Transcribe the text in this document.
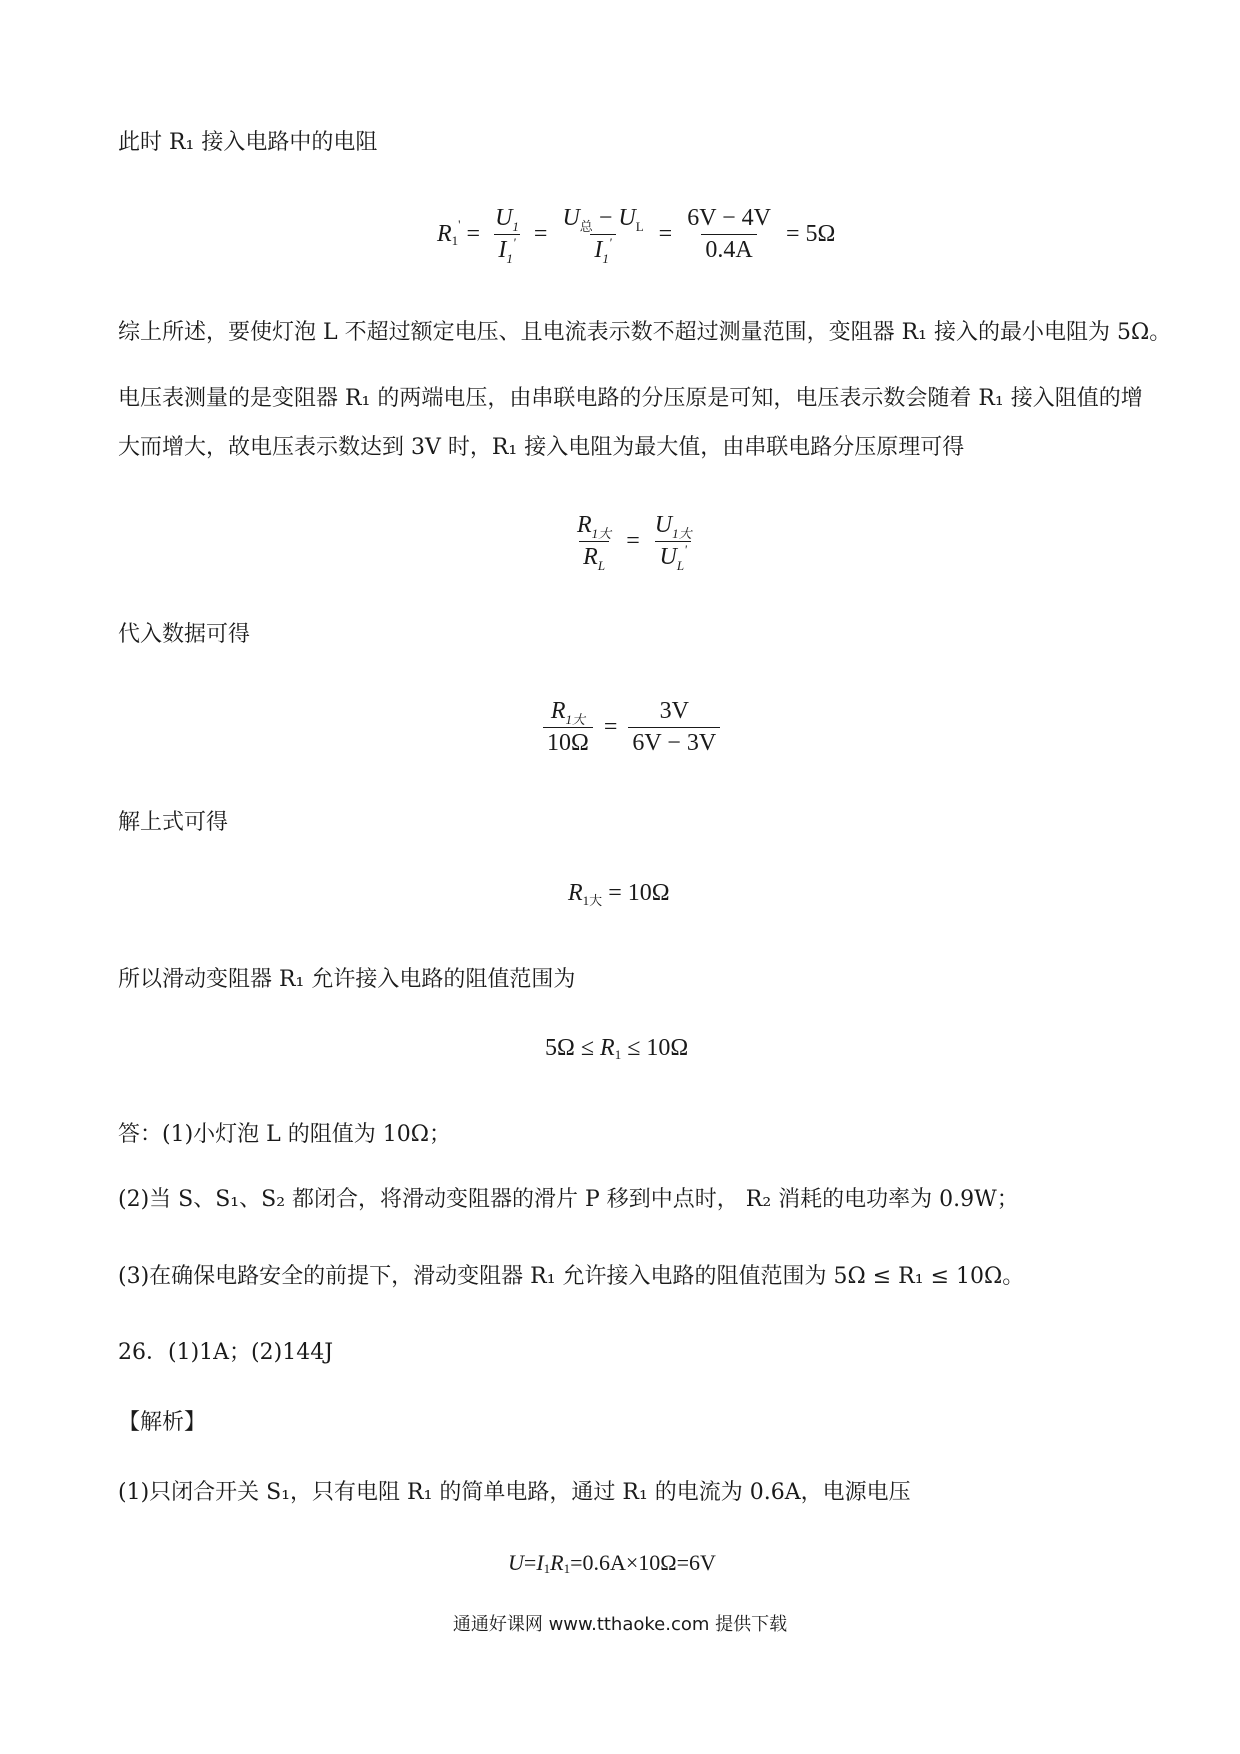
此时 R₁ 接入电路中的电阻
R 1
' = $\frac{U_1}{I_1'} = \frac{U_总 - U_L}{I_1'} = \frac{6V - 4V}{0.4A} = 5\Omega$
综上所述，要使灯泡 L 不超过额定电压、且电流表示数不超过测量范围，变阻器 R₁ 接入的最小电阻为 5Ω。
电压表测量的是变阻器 R₁ 的两端电压，由串联电路的分压原是可知，电压表示数会随着 R₁ 接入阻值的增
大而增大，故电压表示数达到 3V 时，R₁ 接入电阻为最大值，由串联电路分压原理可得
$\frac{R_{1大}}{R_L} = \frac{U_{1大}}{U_L'}$
代入数据可得
$\frac{R_{1大}}{10\Omega} = \frac{3V}{6V - 3V}$
解上式可得
R 1大 = 10Ω
所以滑动变阻器 R₁ 允许接入电路的阻值范围为
5Ω ≤ R 1 ≤ 10Ω
答：(1)小灯泡 L 的阻值为 10Ω；
(2)当 S、S₁、S₂ 都闭合，将滑动变阻器的滑片 P 移到中点时， R₂ 消耗的电功率为 0.9W；
(3)在确保电路安全的前提下，滑动变阻器 R₁ 允许接入电路的阻值范围为 5Ω ≤ R₁ ≤ 10Ω。
26．(1)1A；(2)144J
【解析】
(1)只闭合开关 S₁，只有电阻 R₁ 的简单电路，通过 R₁ 的电流为 0.6A，电源电压
U = I 1 R 1 =0.6A×10Ω=6V
通通好课网 www.tthaoke.com 提供下载
